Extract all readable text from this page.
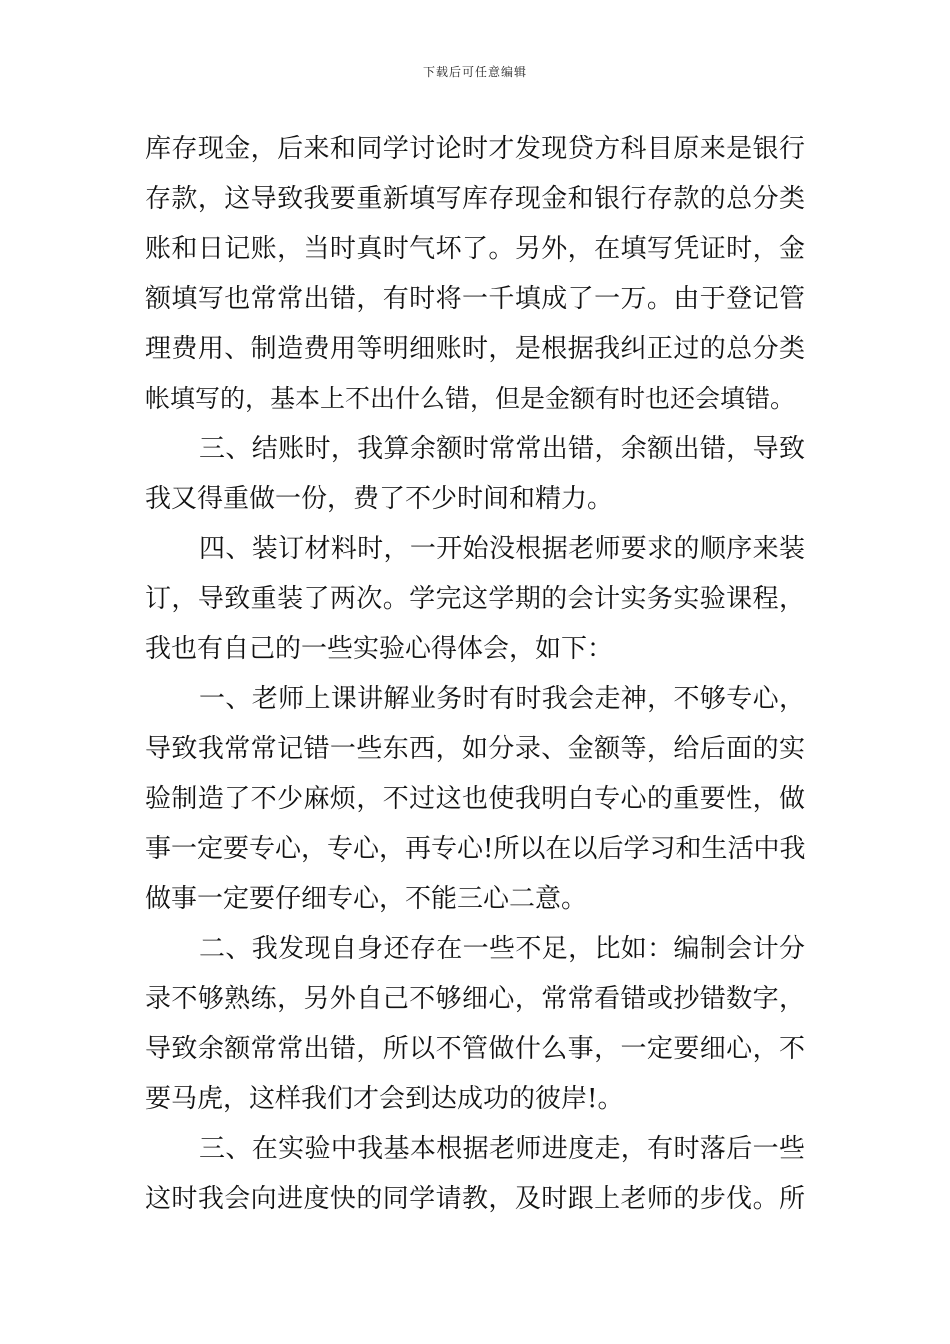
下载后可任意编辑
库存现金，后来和同学讨论时才发现贷方科目原来是银行
存款，这导致我要重新填写库存现金和银行存款的总分类
账和日记账，当时真时气坏了。另外，在填写凭证时，金
额填写也常常出错，有时将一千填成了一万。由于登记管
理费用、制造费用等明细账时，是根据我纠正过的总分类
帐填写的，基本上不出什么错，但是金额有时也还会填错。
三、结账时，我算余额时常常出错，余额出错，导致
我又得重做一份，费了不少时间和精力。
四、装订材料时，一开始没根据老师要求的顺序来装
订，导致重装了两次。学完这学期的会计实务实验课程，
我也有自己的一些实验心得体会，如下：
一、老师上课讲解业务时有时我会走神，不够专心，
导致我常常记错一些东西，如分录、金额等，给后面的实
验制造了不少麻烦，不过这也使我明白专心的重要性，做
事一定要专心，专心，再专心!所以在以后学习和生活中我
做事一定要仔细专心，不能三心二意。
二、我发现自身还存在一些不足，比如：编制会计分
录不够熟练，另外自己不够细心，常常看错或抄错数字，
导致余额常常出错，所以不管做什么事，一定要细心，不
要马虎，这样我们才会到达成功的彼岸!。
三、在实验中我基本根据老师进度走，有时落后一些
这时我会向进度快的同学请教，及时跟上老师的步伐。所
